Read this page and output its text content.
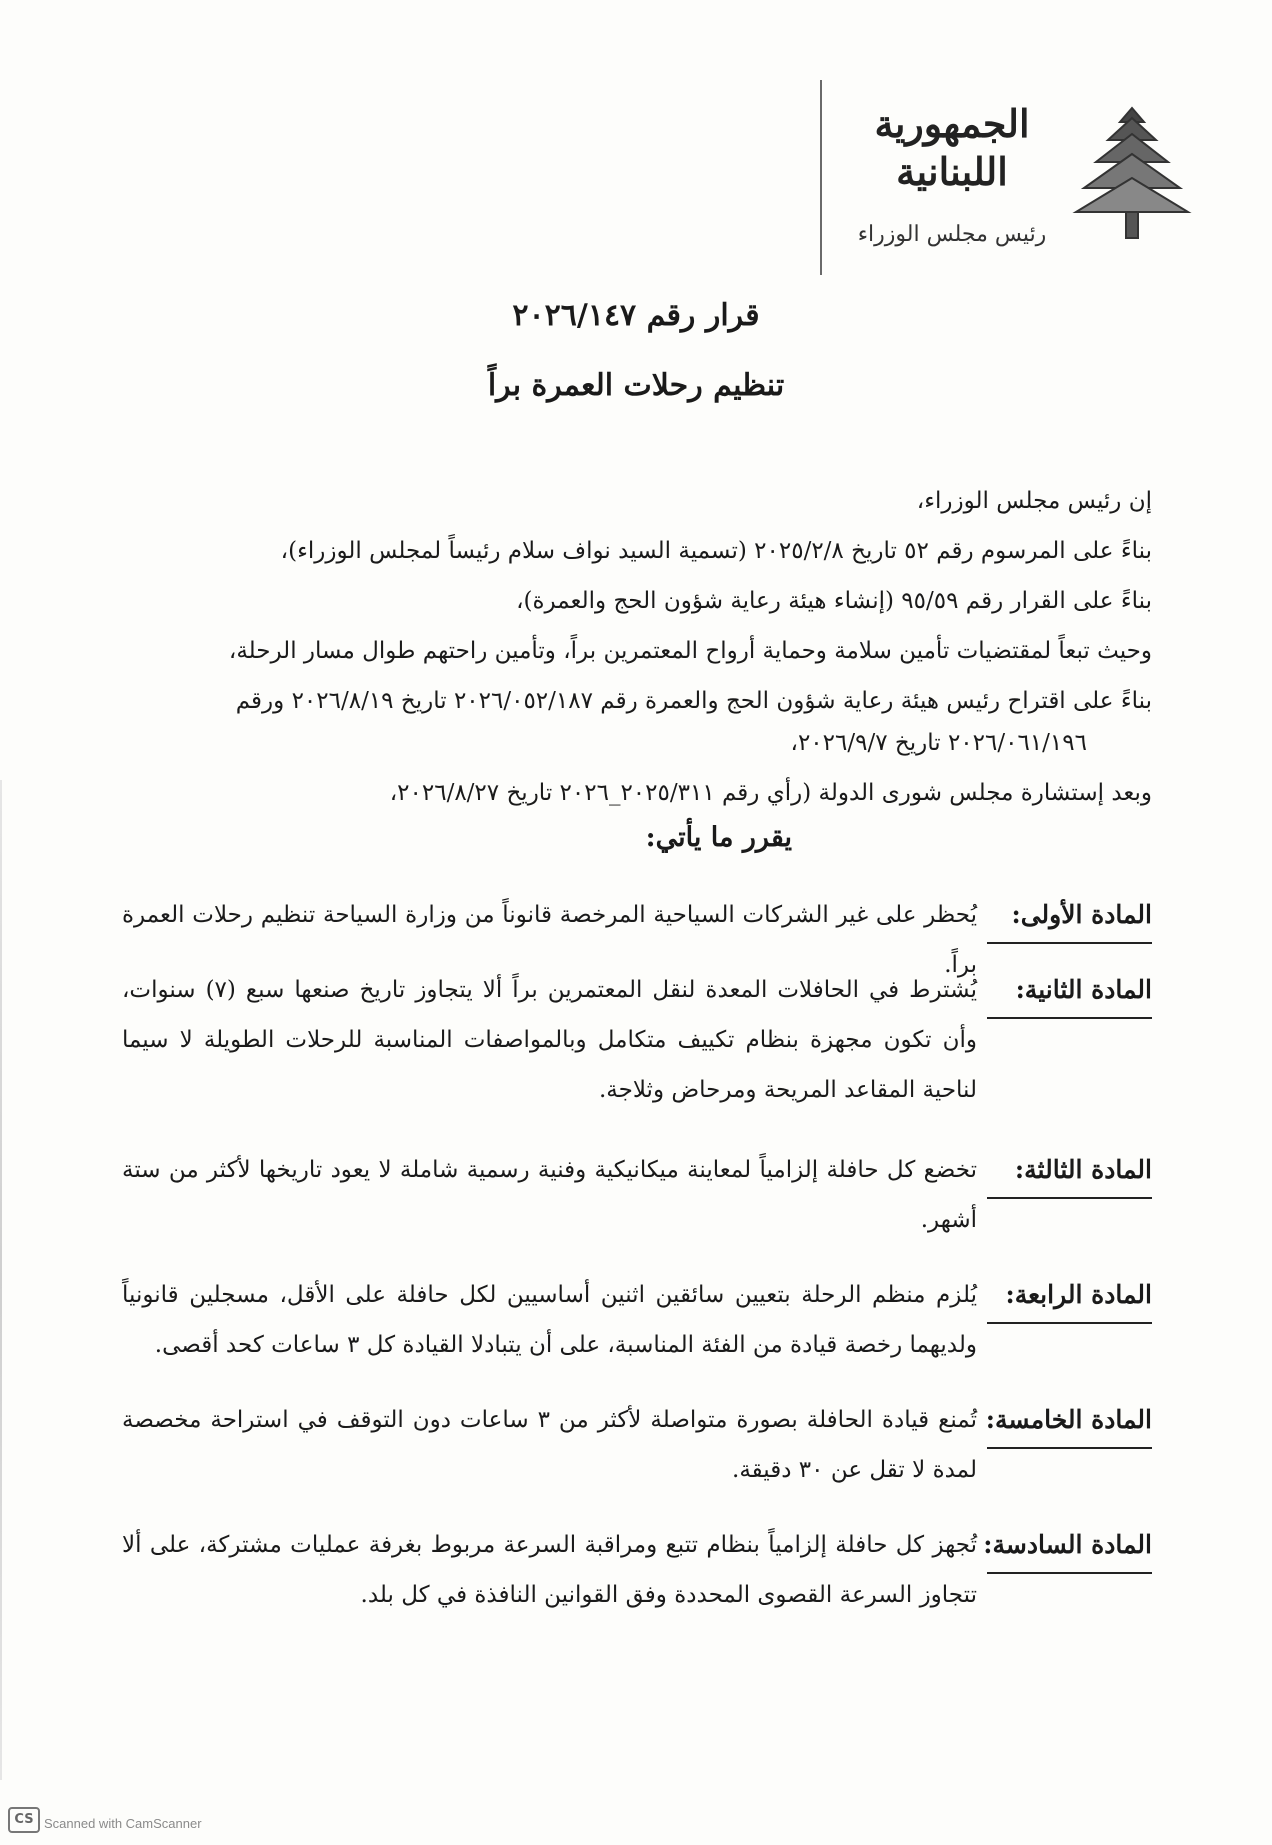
الجمهورية
اللبنانية
رئيس مجلس الوزراء
قرار رقم ٢٠٢٦/١٤٧
تنظيم رحلات العمرة براً
إن رئيس مجلس الوزراء،
بناءً على المرسوم رقم ٥٢ تاريخ ٢٠٢٥/٢/٨ (تسمية السيد نواف سلام رئيساً لمجلس الوزراء)،
بناءً على القرار رقم ٩٥/٥٩ (إنشاء هيئة رعاية شؤون الحج والعمرة)،
وحيث تبعاً لمقتضيات تأمين سلامة وحماية أرواح المعتمرين براً، وتأمين راحتهم طوال مسار الرحلة،
بناءً على اقتراح رئيس هيئة رعاية شؤون الحج والعمرة رقم ٢٠٢٦/٠٥٢/١٨٧ تاريخ ٢٠٢٦/٨/١٩ ورقم
٢٠٢٦/٠٦١/١٩٦ تاريخ ٢٠٢٦/٩/٧،
وبعد إستشارة مجلس شورى الدولة (رأي رقم ٢٠٢٥/٣١١_٢٠٢٦ تاريخ ٢٠٢٦/٨/٢٧،
يقرر ما يأتي:
المادة الأولى:
يُحظر على غير الشركات السياحية المرخصة قانوناً من وزارة السياحة تنظيم رحلات العمرة براً.
المادة الثانية:
يُشترط في الحافلات المعدة لنقل المعتمرين براً ألا يتجاوز تاريخ صنعها سبع (٧) سنوات، وأن تكون مجهزة بنظام تكييف متكامل وبالمواصفات المناسبة للرحلات الطويلة لا سيما لناحية المقاعد المريحة ومرحاض وثلاجة.
المادة الثالثة:
تخضع كل حافلة إلزامياً لمعاينة ميكانيكية وفنية رسمية شاملة لا يعود تاريخها لأكثر من ستة أشهر.
المادة الرابعة:
يُلزم منظم الرحلة بتعيين سائقين اثنين أساسيين لكل حافلة على الأقل، مسجلين قانونياً ولديهما رخصة قيادة من الفئة المناسبة، على أن يتبادلا القيادة كل ٣ ساعات كحد أقصى.
المادة الخامسة:
تُمنع قيادة الحافلة بصورة متواصلة لأكثر من ٣ ساعات دون التوقف في استراحة مخصصة لمدة لا تقل عن ٣٠ دقيقة.
المادة السادسة:
تُجهز كل حافلة إلزامياً بنظام تتبع ومراقبة السرعة مربوط بغرفة عمليات مشتركة، على ألا تتجاوز السرعة القصوى المحددة وفق القوانين النافذة في كل بلد.
CS Scanned with CamScanner
